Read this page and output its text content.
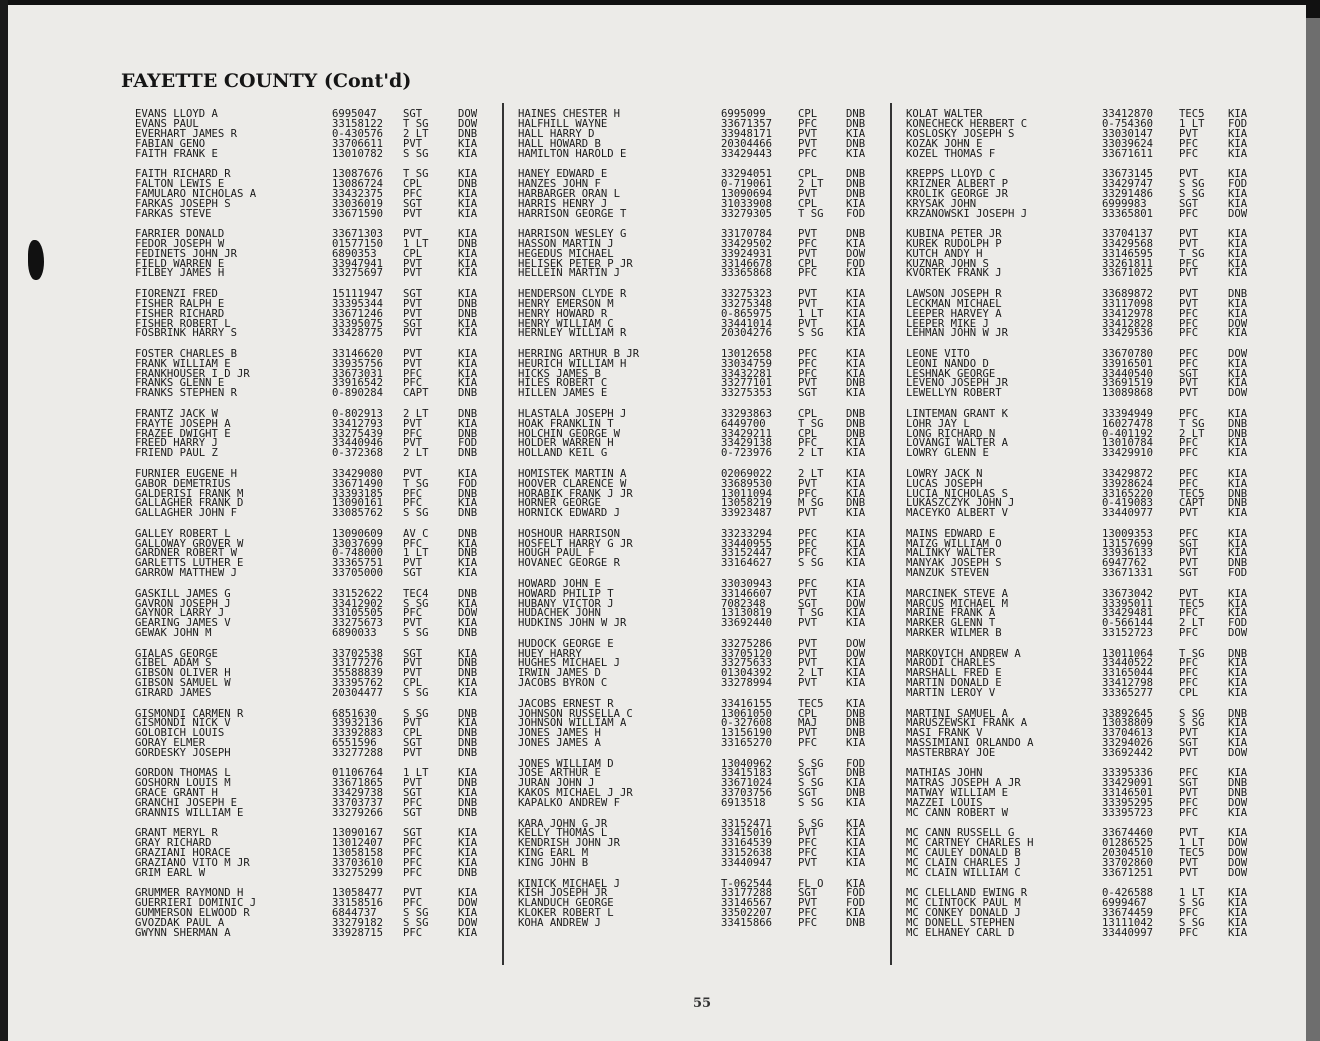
FAYETTE COUNTY (Cont'd)
EVANS LLOYD A	6995047 SGT	DOW
EVANS PAUL	33158122 T SG	DOW
EVERHART JAMES R	0-430576 2 LT	DNB
FABIAN GENO	33706611 PVT	KIA
FAITH FRANK E	13010782 S SG	KIA
FAITH RICHARD R	13087676 T SG	KIA
FALTON LEWIS E	13086724 CPL	DNB
FAMULARO NICHOLAS A	33432375 PFC	KIA
FARKAS JOSEPH S	33036019 SGT	KIA
FARKAS STEVE	33671590 PVT	KIA
FARRIER DONALD	33671303 PVT	KIA
FEDOR JOSEPH W	01577150 1 LT	DNB
FEDINETS JOHN JR	6890353 CPL	KIA
FIELD WARREN E	33947941 PVT	KIA
FILBEY JAMES H	33275697 PVT	KIA
FIORENZI FRED	15111947 SGT	KIA
FISHER RALPH E	33395344 PVT	DNB
FISHER RICHARD	33671246 PVT	DNB
FISHER ROBERT L	33395075 SGT	KIA
FOSBRINK HARRY S	33428775 PVT	KIA
FOSTER CHARLES B	33146620 PVT	KIA
FRANK WILLIAM E	33935756 PVT	KIA
FRANKHOUSER I D JR	33673031 PFC	KIA
FRANKS GLENN E	33916542 PFC	KIA
FRANKS STEPHEN R	0-890284 CAPT	DNB
FRANTZ JACK W	0-802913 2 LT	DNB
FRAYTE JOSEPH A	33412793 PVT	KIA
FRAZEE DWIGHT E	33275439 PFC	DNB
FREED HARRY J	33440946 PVT	FOD
FRIEND PAUL Z	0-372368 2 LT	DNB
FURNIER EUGENE H	33429080 PVT	KIA
GABOR DEMETRIUS	33671490 T SG	FOD
GALDERISI FRANK M	33393185 PFC	DNB
GALLAGHER FRANK D	13090161 PFC	KIA
GALLAGHER JOHN F	33085762 S SG	DNB
GALLEY ROBERT L	13090609 AV C	DNB
GALLOWAY GROVER W	33037699 PFC	KIA
GARDNER ROBERT W	0-748000 1 LT	DNB
GARLETTS LUTHER E	33365751 PVT	KIA
GARROW MATTHEW J	33705000 SGT	KIA
GASKILL JAMES G	33152622 TEC4	DNB
GAVRON JOSEPH J	33412902 S SG	KIA
GAYNOR LARRY J	33105505 PFC	DOW
GEARING JAMES V	33275673 PVT	KIA
GEWAK JOHN M	6890033 S SG	DNB
GIALAS GEORGE	33702538 SGT	KIA
GIBEL ADAM S	33177276 PVT	DNB
GIBSON OLIVER H	35588839 PVT	DNB
GIBSON SAMUEL W	33395762 CPL	KIA
GIRARD JAMES	20304477 S SG	KIA
GISMONDI CARMEN R	6851630 S SG	DNB
GISMONDI NICK V	33932136 PVT	KIA
GOLOBICH LOUIS	33392883 CPL	DNB
GORAY ELMER	6551596 SGT	DNB
GORDESKY JOSEPH	33277288 PVT	DNB
GORDON THOMAS L	01106764 1 LT	KIA
GOSHORN LOUIS M	33671865 PVT	DNB
GRACE GRANT H	33429738 SGT	KIA
GRANCHI JOSEPH E	33703737 PFC	DNB
GRANNIS WILLIAM E	33279266 SGT	DNB
GRANT MERYL R	13090167 SGT	KIA
GRAY RICHARD	13012407 PFC	KIA
GRAZIANI HORACE	13058158 PFC	KIA
GRAZIANO VITO M JR	33703610 PFC	KIA
GRIM EARL W	33275299 PFC	DNB
GRUMMER RAYMOND H	13058477 PVT	KIA
GUERRIERI DOMINIC J	33158516 PFC	DOW
GUMMERSON ELWOOD R	6844737 S SG	KIA
GVOZDAK PAUL A	33279182 S SG	DOW
GWYNN SHERMAN A	33928715 PFC	KIA
HAINES CHESTER H	6995099	CPL	DNB
HALFHILL WAYNE	33671357 PFC	DNB
HALL HARRY D	33948171 PVT	KIA
HALL HOWARD B	20304466 PVT	DNB
HAMILTON HAROLD E	33429443 PFC	KIA
HANEY EDWARD E	33294051 CPL	DNB
HANZES JOHN F	0-719061 2 LT DNB
HARBARGER ORAN L	13090694 PVT	DNB
HARRIS HENRY J	31033908 CPL	KIA
HARRISON GEORGE T	33279305 T SG FOD
HARRISON WESLEY G	33170784 PVT	DNB
HASSON MARTIN J	33429502 PFC	KIA
HEGEDUS MICHAEL	33924931 PVT	DOW
HELISEK PETER P JR	33146678 CPL	FOD
HELLEIN MARTIN J	33365868 PFC	KIA
HENDERSON CLYDE R	33275323 PVT	KIA
HENRY EMERSON M	33275348 PVT	KIA
HENRY HOWARD R	0-865975 1 LT KIA
HENRY WILLIAM C	33441014 PVT	KIA
HERNLEY WILLIAM R	20304276 S SG KIA
HERRING ARTHUR B JR	13012658 PFC	KIA
HEURICH WILLIAM H	33034759 PFC	KIA
HICKS JAMES B	33432281 PFC	KIA
HILES ROBERT C	33277101 PVT	DNB
HILLEN JAMES E	33275353 SGT	KIA
HLASTALA JOSEPH J	33293863 CPL	DNB
HOAK FRANKLIN T	6449700	T SG DNB
HOLCHIN GEORGE W	33429211 CPL	DNB
HOLDER WARREN H	33429138 PFC	KIA
HOLLAND KEIL G	0-723976 2 LT KIA
HOMISTEK MARTIN A	02069022 2 LT KIA
HOOVER CLARENCE W	33689530 PVT	KIA
HORABIK FRANK J JR	13011094 PFC	KIA
HORNER GEORGE	13058219 M SG DNB
HORNICK EDWARD J	33923487 PVT	KIA
HOSHOUR HARRISON	33233294 PFC	KIA
HOSFELT HARRY G JR	33440955 PFC	KIA
HOUGH PAUL F	33152447 PFC	KIA
HOVANEC GEORGE R	33164627 S SG KIA
HOWARD JOHN E	33030943 PFC	KIA
HOWARD PHILIP T	33146607 PVT	KIA
HUBANY VICTOR J	7082348	SGT	DOW
HUDACHEK JOHN	13130819 T SG KIA
HUDKINS JOHN W JR	33692440 PVT	KIA
HUDOCK GEORGE E	33275286 PVT	DOW
HUEY HARRY	33705120 PVT	DOW
HUGHES MICHAEL J	33275633 PVT	KIA
IRWIN JAMES D	01304392 2 LT KIA
JACOBS BYRON C	33278994 PVT	KIA
JACOBS ERNEST R	33416155 TEC5 KIA
JOHNSON RUSSELLA C	13061050 CPL	DNB
JOHNSON WILLIAM A	0-327608 MAJ	DNB
JONES JAMES H	13156190 PVT	DNB
JONES JAMES A	33165270 PFC	KIA
JONES WILLIAM D	13040962 S SG FOD
JOSE ARTHUR E	33415183 SGT	DNB
JURAN JOHN J	33671024 S SG KIA
KAKOS MICHAEL J JR	33703756 SGT	DNB
KAPALKO ANDREW F	6913518	S SG KIA
KARA JOHN G JR	33152471 S SG KIA
KELLY THOMAS L	33415016 PVT	KIA
KENDRISH JOHN JR	33164539 PFC	KIA
KING EARL M	33152638 PFC	KIA
KING JOHN B	33440947 PVT	KIA
KINICK MICHAEL J	T-062544 FL O KIA
KISH JOSEPH JR	33177288 SGT	FOD
KLANDUCH GEORGE	33146567 PVT	FOD
KLOKER ROBERT L	33502207 PFC	KIA
KOHA ANDREW J	33415866 PFC	DNB
KOLAT WALTER	33412870 TEC5 KIA
KONECHECK HERBERT C	0-754360 1 LT FOD
KOSLOSKY JOSEPH S	33030147 PVT	KIA
KOZAK JOHN E	33039624 PFC	KIA
KOZEL THOMAS F	33671611 PFC	KIA
KREPPS LLOYD C	33673145 PVT	KIA
KRIZNER ALBERT P	33429747 S SG FOD
KROLIK GEORGE JR	33291486 S SG KIA
KRYSAK JOHN	6999983	SGT	KIA
KRZANOWSKI JOSEPH J	33365801 PFC	DOW
KUBINA PETER JR	33704137 PVT	KIA
KUREK RUDOLPH P	33429568 PVT	KIA
KUTCH ANDY H	33146595 T SG KIA
KUZNAR JOHN S	33261811 PFC	KIA
KVORTEK FRANK J	33671025 PVT	KIA
LAWSON JOSEPH R	33689872 PVT	DNB
LECKMAN MICHAEL	33117098 PVT	KIA
LEEPER HARVEY A	33412978 PFC	KIA
LEEPER MIKE J	33412828 PFC	DOW
LEHMAN JOHN W JR	33429536 PFC	KIA
LEONE VITO	33670780 PFC	DOW
LEONI NANDO D	33916501 PFC	KIA
LESHNAK GEORGE	33440540 SGT	KIA
LEVENO JOSEPH JR	33691519 PVT	KIA
LEWELLYN ROBERT	13089868 PVT	DOW
LINTEMAN GRANT K	33394949 PFC	KIA
LOHR JAY L	16027478 T SG DNB
LONG RICHARD N	0-401192 2 LT DNB
LOVANGI WALTER A	13010784 PFC	KIA
LOWRY GLENN E	33429910 PFC	KIA
LOWRY JACK N	33429872 PFC	KIA
LUCAS JOSEPH	33928624 PFC	KIA
LUCIA NICHOLAS S	33165220 TEC5 DNB
LUKASZCZYK JOHN J	0-419083 CAPT DNB
MACEYKO ALBERT V	33440977 PVT	KIA
MAINS EDWARD E	13009353 PFC	KIA
MAIZG WILLIAM O	13157699 SGT	KIA
MALINKY WALTER	33936133 PVT	KIA
MANYAK JOSEPH S	6947762	PVT	DNB
MANZUK STEVEN	33671331 SGT	FOD
MARCINEK STEVE A	33673042 PVT	KIA
MARCUS MICHAEL M	33395011 TEC5 KIA
MARINE FRANK A	33429481 PFC	KIA
MARKER GLENN T	0-566144 2 LT FOD
MARKER WILMER B	33152723 PFC	DOW
MARKOVICH ANDREW A	13011064 T SG DNB
MARODI CHARLES	33440522 PFC	KIA
MARSHALL FRED E	33165044 PFC	KIA
MARTIN DONALD E	33412798 PFC	KIA
MARTIN LEROY V	33365277 CPL	KIA
MARTINI SAMUEL A	33892645 S SG DNB
MARUSZEWSKI FRANK A	13038809 S SG KIA
MASI FRANK V	33704613 PVT	KIA
MASSIMIANI ORLANDO A	33294026 SGT	KIA
MASTERBRAY JOE	33692442 PVT	DOW
MATHIAS JOHN	33395336 PFC	KIA
MATRAS JOSEPH A JR	33429091 SGT	DNB
MATWAY WILLIAM E	33146501 PVT	DNB
MAZZEI LOUIS	33395295 PFC	DOW
MC CANN ROBERT W	33395723 PFC	KIA
MC CANN RUSSELL G	33674460 PVT	KIA
MC CARTNEY CHARLES H	01286525 1 LT DOW
MC CAULEY DONALD B	20304510 TEC5 DOW
MC CLAIN CHARLES J	33702860 PVT	DOW
MC CLAIN WILLIAM C	33671251 PVT	DOW
MC CLELLAND EWING R	0-426588 1 LT KIA
MC CLINTOCK PAUL M	6999467	S SG KIA
MC CONKEY DONALD J	33674459 PFC	KIA
MC DONELL STEPHEN	13111042 S SG KIA
MC ELHANEY CARL D	33440997 PFC	KIA
55
